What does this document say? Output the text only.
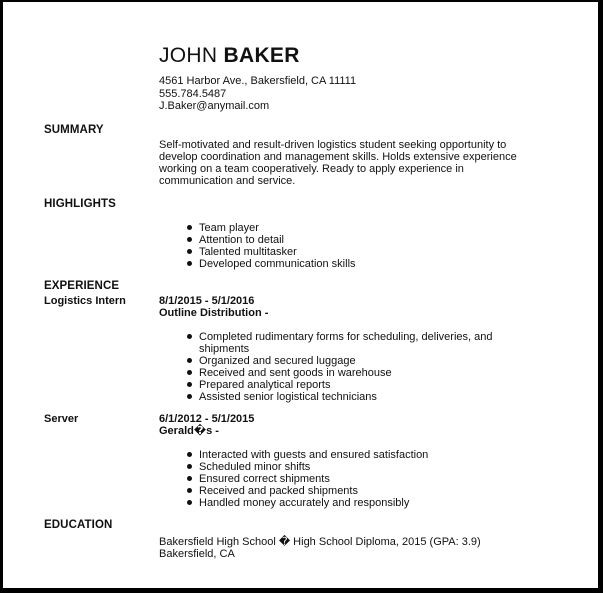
JOHN BAKER
4561 Harbor Ave., Bakersfield, CA 11111
555.784.5487
J.Baker@anymail.com
SUMMARY
Self-motivated and result-driven logistics student seeking opportunity to
develop coordination and management skills. Holds extensive experience
working on a team cooperatively. Ready to apply experience in
communication and service.
HIGHLIGHTS
Team player
Attention to detail
Talented multitasker
Developed communication skills
EXPERIENCE
Logistics Intern	8/1/2015 - 5/1/2016
Outline Distribution -
Completed rudimentary forms for scheduling, deliveries, and
shipments
Organized and secured luggage
Received and sent goods in warehouse
Prepared analytical reports
Assisted senior logistical technicians
Server	6/1/2012 - 5/1/2015
Gerald�s -
Interacted with guests and ensured satisfaction
Scheduled minor shifts
Ensured correct shipments
Received and packed shipments
Handled money accurately and responsibly
EDUCATION
Bakersfield High School � High School Diploma, 2015 (GPA: 3.9)
Bakersfield, CA
